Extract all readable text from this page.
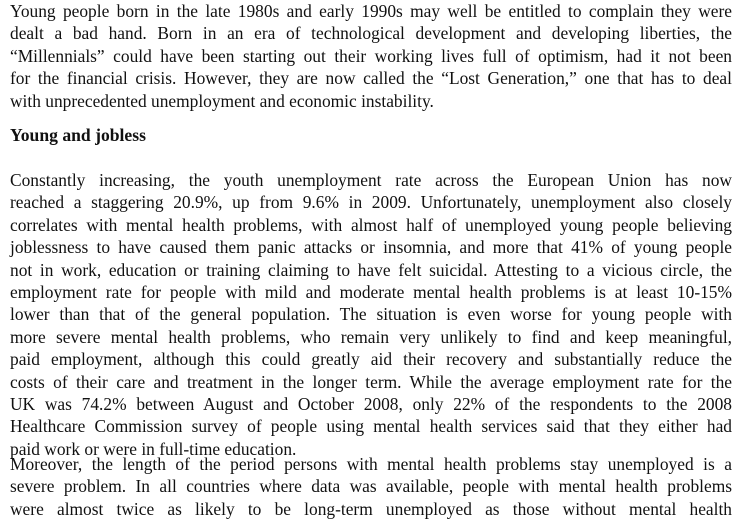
Young people born in the late 1980s and early 1990s may well be entitled to complain they were
dealt a bad hand. Born in an era of technological development and developing liberties, the
“Millennials” could have been starting out their working lives full of optimism, had it not been
for the financial crisis. However, they are now called the “Lost Generation,” one that has to deal
with unprecedented unemployment and economic instability.
Young and jobless
Constantly increasing, the youth unemployment rate across the European Union has now
reached a staggering 20.9%, up from 9.6% in 2009. Unfortunately, unemployment also closely
correlates with mental health problems, with almost half of unemployed young people believing
joblessness to have caused them panic attacks or insomnia, and more that 41% of young people
not in work, education or training claiming to have felt suicidal. Attesting to a vicious circle, the
employment rate for people with mild and moderate mental health problems is at least 10-15%
lower than that of the general population. The situation is even worse for young people with
more severe mental health problems, who remain very unlikely to find and keep meaningful,
paid employment, although this could greatly aid their recovery and substantially reduce the
costs of their care and treatment in the longer term. While the average employment rate for the
UK was 74.2% between August and October 2008, only 22% of the respondents to the 2008
Healthcare Commission survey of people using mental health services said that they either had
paid work or were in full-time education.
Moreover, the length of the period persons with mental health problems stay unemployed is a
severe problem. In all countries where data was available, people with mental health problems
were almost twice as likely to be long-term unemployed as those without mental health
